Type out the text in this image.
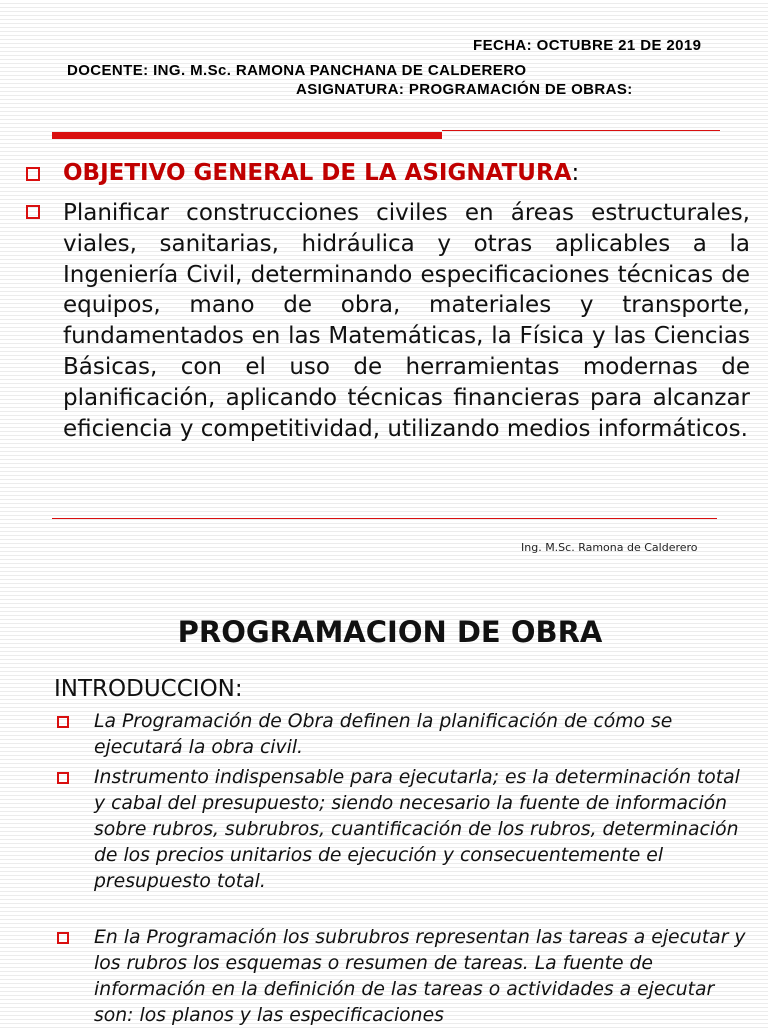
FECHA: OCTUBRE 21 DE 2019
DOCENTE: ING. M.Sc. RAMONA PANCHANA DE CALDERERO
ASIGNATURA: PROGRAMACIÓN DE OBRAS:
OBJETIVO GENERAL DE LA ASIGNATURA:
Planificar construcciones civiles en áreas estructurales, viales, sanitarias, hidráulica y otras aplicables a la Ingeniería Civil, determinando especificaciones técnicas de equipos, mano de obra, materiales y transporte, fundamentados en las Matemáticas, la Física y las Ciencias Básicas, con el uso de herramientas modernas de planificación, aplicando técnicas financieras para alcanzar eficiencia y competitividad, utilizando medios informáticos.
Ing. M.Sc. Ramona de Calderero
PROGRAMACION DE OBRA
INTRODUCCION:
La Programación de Obra definen la planificación de cómo se ejecutará la obra civil.
Instrumento indispensable para ejecutarla; es la determinación total y cabal del presupuesto; siendo necesario la fuente de información sobre rubros, subrubros, cuantificación de los rubros, determinación de los precios unitarios de ejecución y consecuentemente el presupuesto total.
En la Programación los subrubros representan las tareas a ejecutar y los rubros los esquemas o resumen de tareas. La fuente de información en la definición de las tareas o actividades a ejecutar son: los planos y las especificaciones
